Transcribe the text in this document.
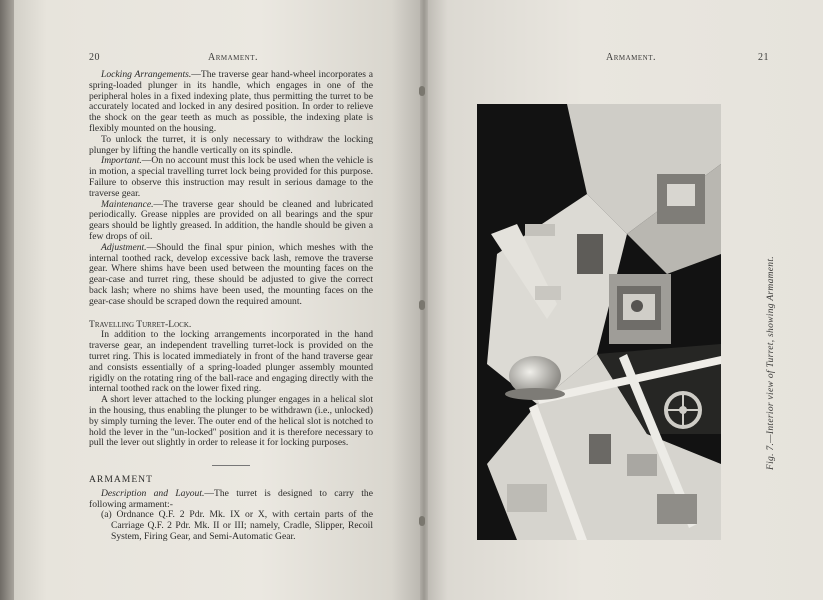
20	Armament.

Locking Arrangements.—The traverse gear hand-wheel incorporates a spring-loaded plunger in its handle, which engages in one of the peripheral holes in a fixed indexing plate, thus permitting the turret to be accurately located and locked in any desired position. In order to relieve the shock on the gear teeth as much as possible, the indexing plate is flexibly mounted on the housing.

To unlock the turret, it is only necessary to withdraw the locking plunger by lifting the handle vertically on its spindle.

Important.—On no account must this lock be used when the vehicle is in motion, a special travelling turret lock being provided for this purpose. Failure to observe this instruction may result in serious damage to the traverse gear.

Maintenance.—The traverse gear should be cleaned and lubricated periodically. Grease nipples are provided on all bearings and the spur gears should be lightly greased. In addition, the handle should be given a few drops of oil.

Adjustment.—Should the final spur pinion, which meshes with the internal toothed rack, develop excessive back lash, remove the traverse gear. Where shims have been used between the mounting faces on the gear-case and turret ring, these should be adjusted to give the correct back lash; where no shims have been used, the mounting faces on the gear-case should be scraped down the required amount.

Travelling Turret-Lock.

In addition to the locking arrangements incorporated in the hand traverse gear, an independent travelling turret-lock is provided on the turret ring. This is located immediately in front of the hand traverse gear and consists essentially of a spring-loaded plunger assembly mounted rigidly on the rotating ring of the ball-race and engaging directly with the internal toothed rack on the lower fixed ring.

A short lever attached to the locking plunger engages in a helical slot in the housing, thus enabling the plunger to be withdrawn (i.e., unlocked) by simply turning the lever. The outer end of the helical slot is notched to hold the lever in the ''un-locked'' position and it is therefore necessary to pull the lever out slightly in order to release it for locking purposes.

ARMAMENT

Description and Layout.—The turret is designed to carry the following armament:-

(a) Ordnance Q.F. 2 Pdr. Mk. IX or X, with certain parts of the Carriage Q.F. 2 Pdr. Mk. II or III; namely, Cradle, Slipper, Recoil System, Firing Gear, and Semi-Automatic Gear.

Armament.	21
Fig. 7.—Interior view of Turret, showing Armament.
